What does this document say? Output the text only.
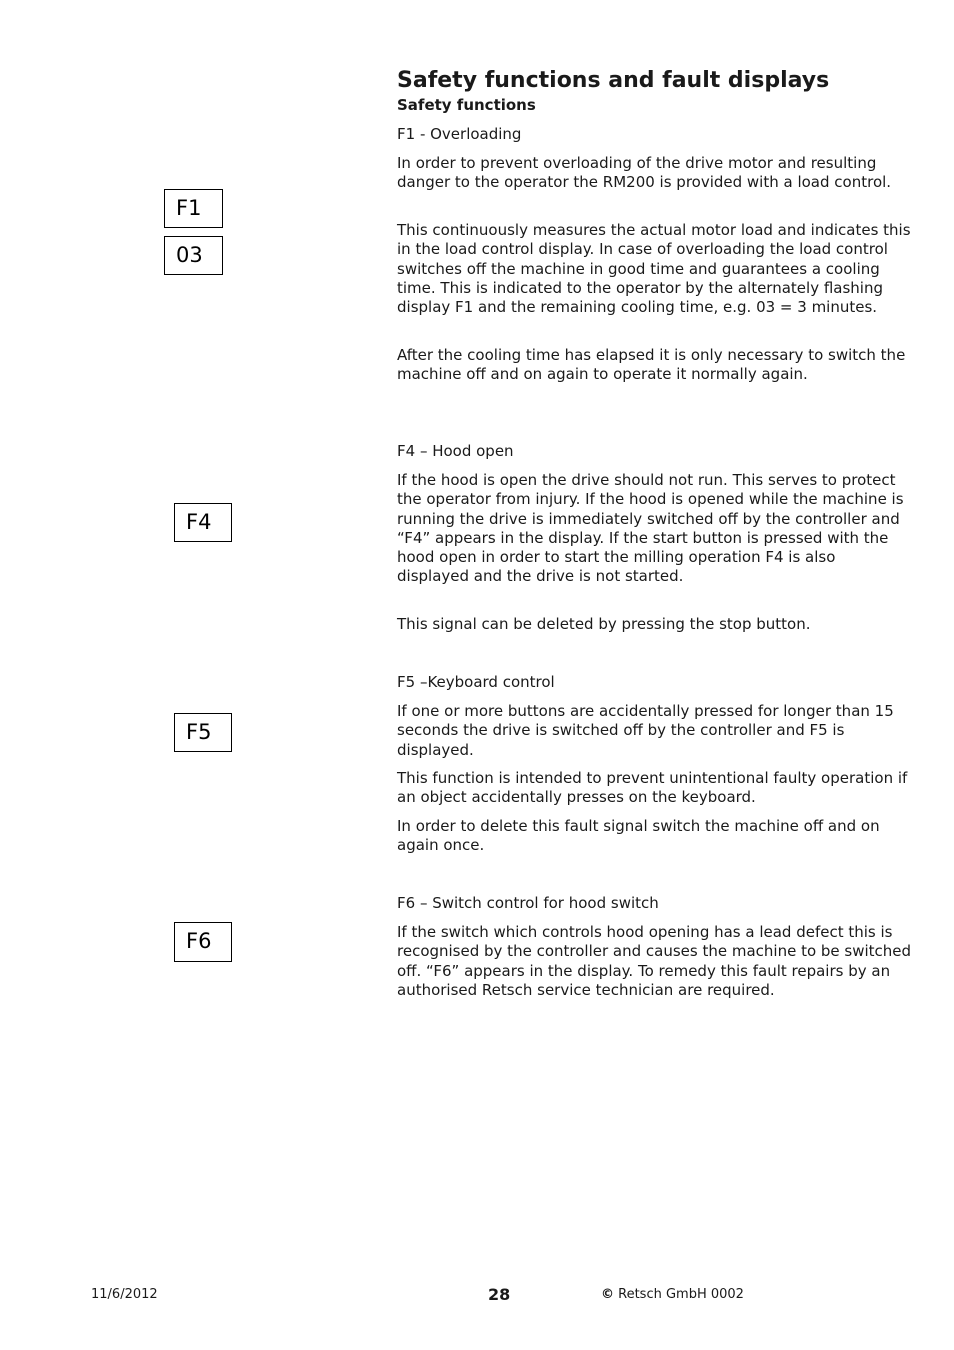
Safety functions and fault displays
Safety functions
F1
03
F4
F5
F6
F1 - Overloading

In order to prevent overloading of the drive motor and resulting danger to the operator the RM200 is provided with a load control.

This continuously measures the actual motor load and indicates this in the load control display. In case of overloading the load control switches off the machine in good time and guarantees a cooling time. This is indicated to the operator by the alternately flashing display F1 and the remaining cooling time, e.g. 03 = 3 minutes.

After the cooling time has elapsed it is only necessary to switch the machine off and on again to operate it normally again.

F4 – Hood open

If the hood is open the drive should not run. This serves to protect the operator from injury. If the hood is opened while the machine is running the drive is immediately switched off by the controller and “F4” appears in the display. If the start button is pressed with the hood open in order to start the milling operation F4 is also displayed and the drive is not started.

This signal can be deleted by pressing the stop button.

F5 –Keyboard control

If one or more buttons are accidentally pressed for longer than 15 seconds the drive is switched off by the controller and F5 is displayed.

This function is intended to prevent unintentional faulty operation if an object accidentally presses on the keyboard.

In order to delete this fault signal switch the machine off and on again once.

F6 – Switch control for hood switch

If the switch which controls hood opening has a lead defect this is recognised by the controller and causes the machine to be switched off. “F6” appears in the display. To remedy this fault repairs by an authorised Retsch service technician are required.

11/6/2012	28	© Retsch GmbH 0002
